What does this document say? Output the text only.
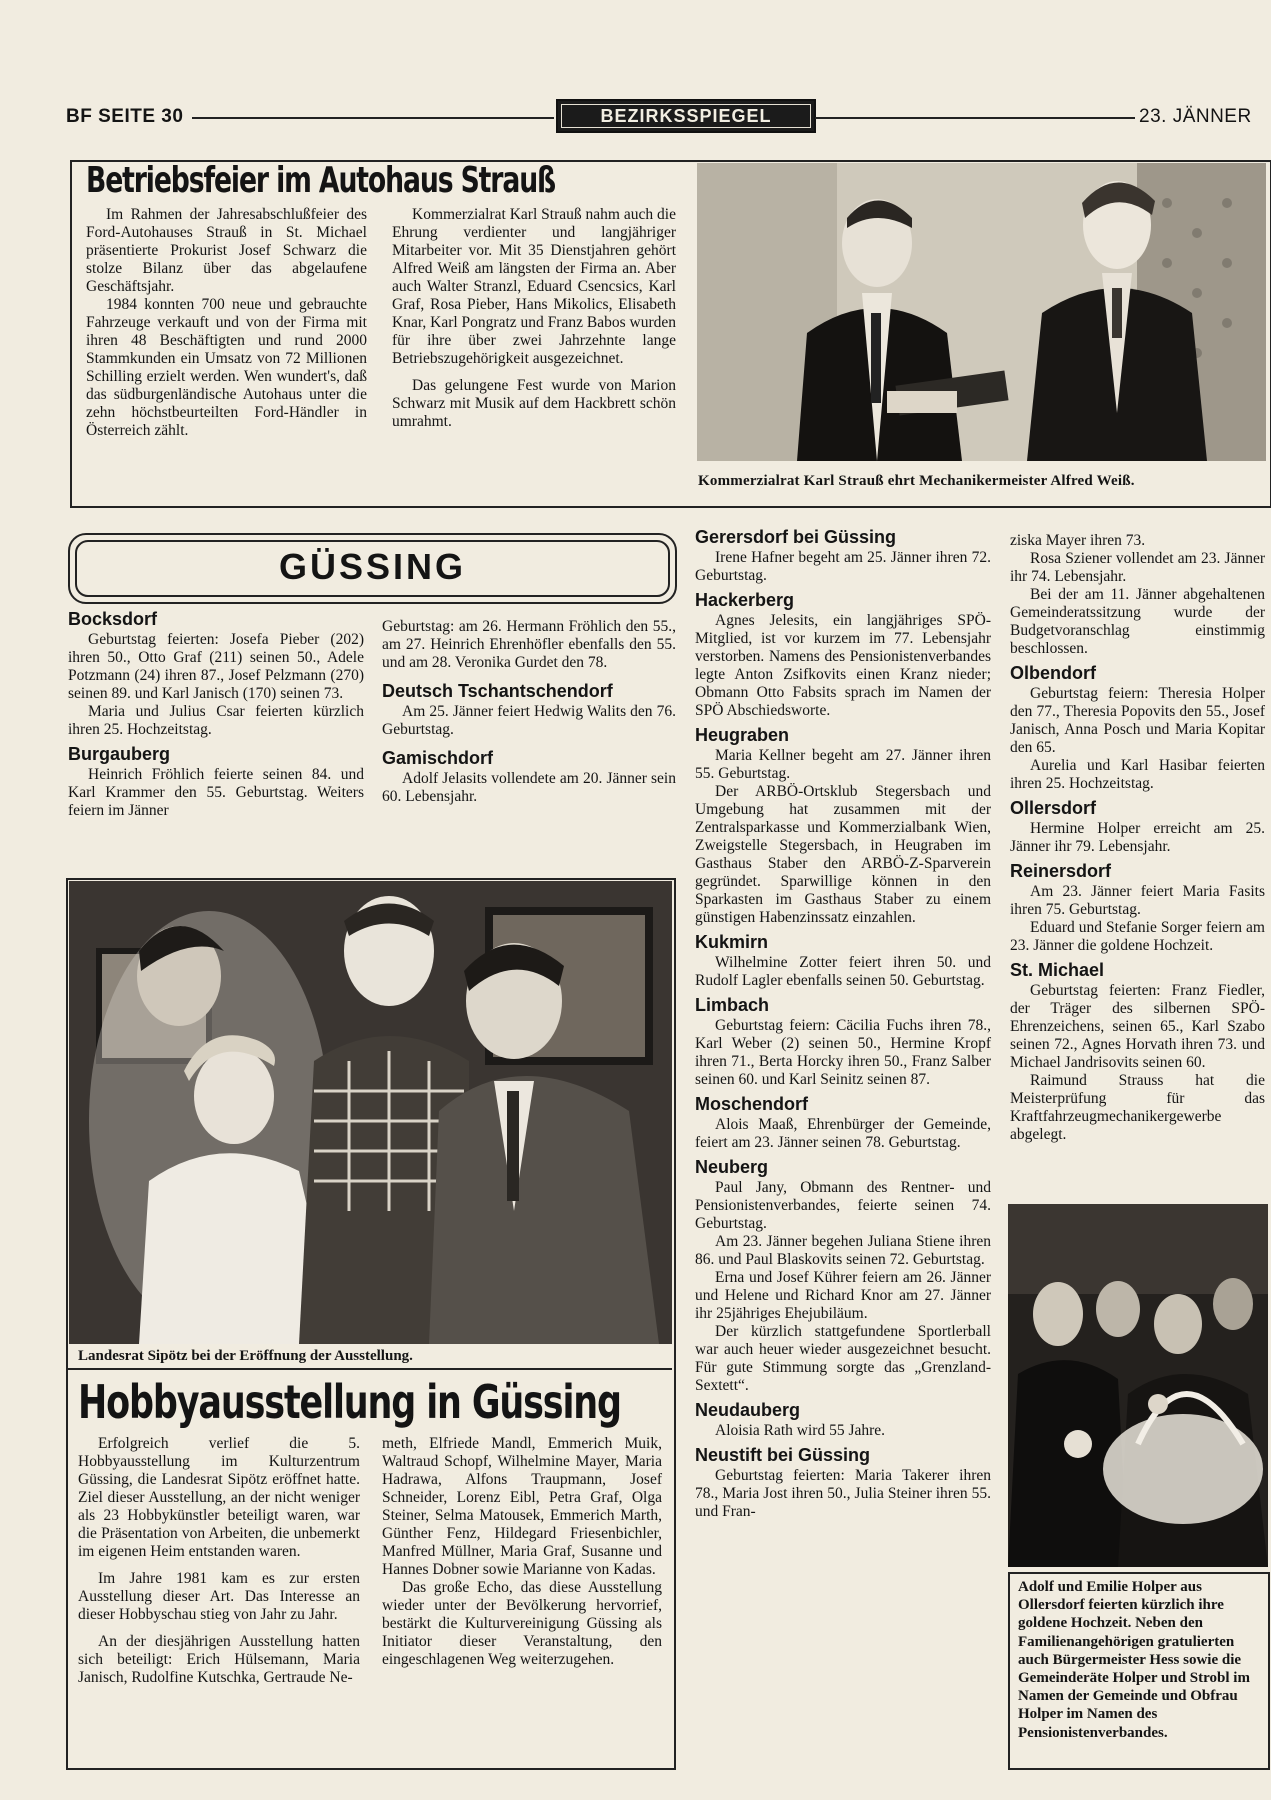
BF SEITE 30	BEZIRKSSPIEGEL	23. JÄNNER
Betriebsfeier im Autohaus Strauß

Im Rahmen der Jahresabschlußfeier des Ford-Autohauses Strauß in St. Michael präsentierte Prokurist Josef Schwarz die stolze Bilanz über das abgelaufene Geschäftsjahr.

1984 konnten 700 neue und gebrauchte Fahrzeuge verkauft und von der Firma mit ihren 48 Beschäftigten und rund 2000 Stammkunden ein Umsatz von 72 Millionen Schilling erzielt werden. Wen wundert's, daß das südburgenländische Autohaus unter die zehn höchstbeurteilten Ford-Händler in Österreich zählt.

Kommerzialrat Karl Strauß nahm auch die Ehrung verdienter und langjähriger Mitarbeiter vor. Mit 35 Dienstjahren gehört Alfred Weiß am längsten der Firma an. Aber auch Walter Stranzl, Eduard Csencsics, Karl Graf, Rosa Pieber, Hans Mikolics, Elisabeth Knar, Karl Pongratz und Franz Babos wurden für ihre über zwei Jahrzehnte lange Betriebszugehörigkeit ausgezeichnet.

Das gelungene Fest wurde von Marion Schwarz mit Musik auf dem Hackbrett schön umrahmt.

Kommerzialrat Karl Strauß ehrt Mechanikermeister Alfred Weiß.
GÜSSING
Bocksdorf

Geburtstag feierten: Josefa Pieber (202) ihren 50., Otto Graf (211) seinen 50., Adele Potzmann (24) ihren 87., Josef Pelzmann (270) seinen 89. und Karl Janisch (170) seinen 73.

Maria und Julius Csar feierten kürzlich ihren 25. Hochzeitstag.

Burgauberg

Heinrich Fröhlich feierte seinen 84. und Karl Krammer den 55. Geburtstag. Weiters feiern im Jänner

Geburtstag: am 26. Hermann Fröhlich den 55., am 27. Heinrich Ehrenhöfler ebenfalls den 55. und am 28. Veronika Gurdet den 78.

Deutsch Tschantschendorf

Am 25. Jänner feiert Hedwig Walits den 76. Geburtstag.

Gamischdorf

Adolf Jelasits vollendete am 20. Jänner sein 60. Lebensjahr.

Landesrat Sipötz bei der Eröffnung der Ausstellung.
Hobbyausstellung in Güssing

Erfolgreich verlief die 5. Hobbyausstellung im Kulturzentrum Güssing, die Landesrat Sipötz eröffnet hatte. Ziel dieser Ausstellung, an der nicht weniger als 23 Hobbykünstler beteiligt waren, war die Präsentation von Arbeiten, die unbemerkt im eigenen Heim entstanden waren.

Im Jahre 1981 kam es zur ersten Ausstellung dieser Art. Das Interesse an dieser Hobbyschau stieg von Jahr zu Jahr.

An der diesjährigen Ausstellung hatten sich beteiligt: Erich Hülsemann, Maria Janisch, Rudolfine Kutschka, Gertraude Ne-

meth, Elfriede Mandl, Emmerich Muik, Waltraud Schopf, Wilhelmine Mayer, Maria Hadrawa, Alfons Traupmann, Josef Schneider, Lorenz Eibl, Petra Graf, Olga Steiner, Selma Matousek, Emmerich Marth, Günther Fenz, Hildegard Friesenbichler, Manfred Müllner, Maria Graf, Susanne und Hannes Dobner sowie Marianne von Kadas.

Das große Echo, das diese Ausstellung wieder unter der Bevölkerung hervorrief, bestärkt die Kulturvereinigung Güssing als Initiator dieser Veranstaltung, den eingeschlagenen Weg weiterzugehen.

Gerersdorf bei Güssing

Irene Hafner begeht am 25. Jänner ihren 72. Geburtstag.

Hackerberg

Agnes Jelesits, ein langjähriges SPÖ-Mitglied, ist vor kurzem im 77. Lebensjahr verstorben. Namens des Pensionistenverbandes legte Anton Zsifkovits einen Kranz nieder; Obmann Otto Fabsits sprach im Namen der SPÖ Abschiedsworte.

Heugraben

Maria Kellner begeht am 27. Jänner ihren 55. Geburtstag.

Der ARBÖ-Ortsklub Stegersbach und Umgebung hat zusammen mit der Zentralsparkasse und Kommerzialbank Wien, Zweigstelle Stegersbach, in Heugraben im Gasthaus Staber den ARBÖ-Z-Sparverein gegründet. Sparwillige können in den Sparkasten im Gasthaus Staber zu einem günstigen Habenzinssatz einzahlen.

Kukmirn

Wilhelmine Zotter feiert ihren 50. und Rudolf Lagler ebenfalls seinen 50. Geburtstag.

Limbach

Geburtstag feiern: Cäcilia Fuchs ihren 78., Karl Weber (2) seinen 50., Hermine Kropf ihren 71., Berta Horcky ihren 50., Franz Salber seinen 60. und Karl Seinitz seinen 87.

Moschendorf

Alois Maaß, Ehrenbürger der Gemeinde, feiert am 23. Jänner seinen 78. Geburtstag.

Neuberg

Paul Jany, Obmann des Rentner- und Pensionistenverbandes, feierte seinen 74. Geburtstag.

Am 23. Jänner begehen Juliana Stiene ihren 86. und Paul Blaskovits seinen 72. Geburtstag.

Erna und Josef Kührer feiern am 26. Jänner und Helene und Richard Knor am 27. Jänner ihr 25jähriges Ehejubiläum.

Der kürzlich stattgefundene Sportlerball war auch heuer wieder ausgezeichnet besucht. Für gute Stimmung sorgte das „Grenzland-Sextett“.

Neudauberg

Aloisia Rath wird 55 Jahre.

Neustift bei Güssing

Geburtstag feierten: Maria Takerer ihren 78., Maria Jost ihren 50., Julia Steiner ihren 55. und Fran-

ziska Mayer ihren 73.

Rosa Sziener vollendet am 23. Jänner ihr 74. Lebensjahr.

Bei der am 11. Jänner abgehaltenen Gemeinderatssitzung wurde der Budgetvoranschlag einstimmig beschlossen.

Olbendorf

Geburtstag feiern: Theresia Holper den 77., Theresia Popovits den 55., Josef Janisch, Anna Posch und Maria Kopitar den 65.

Aurelia und Karl Hasibar feierten ihren 25. Hochzeitstag.

Ollersdorf

Hermine Holper erreicht am 25. Jänner ihr 79. Lebensjahr.

Reinersdorf

Am 23. Jänner feiert Maria Fasits ihren 75. Geburtstag.

Eduard und Stefanie Sorger feiern am 23. Jänner die goldene Hochzeit.

St. Michael

Geburtstag feierten: Franz Fiedler, der Träger des silbernen SPÖ-Ehrenzeichens, seinen 65., Karl Szabo seinen 72., Agnes Horvath ihren 73. und Michael Jandrisovits seinen 60.

Raimund Strauss hat die Meisterprüfung für das Kraftfahrzeugmechanikergewerbe abgelegt.

Adolf und Emilie Holper aus Ollersdorf feierten kürzlich ihre goldene Hochzeit. Neben den Familienangehörigen gratulierten auch Bürgermeister Hess sowie die Gemeinderäte Holper und Strobl im Namen der Gemeinde und Obfrau Holper im Namen des Pensionistenverbandes.
